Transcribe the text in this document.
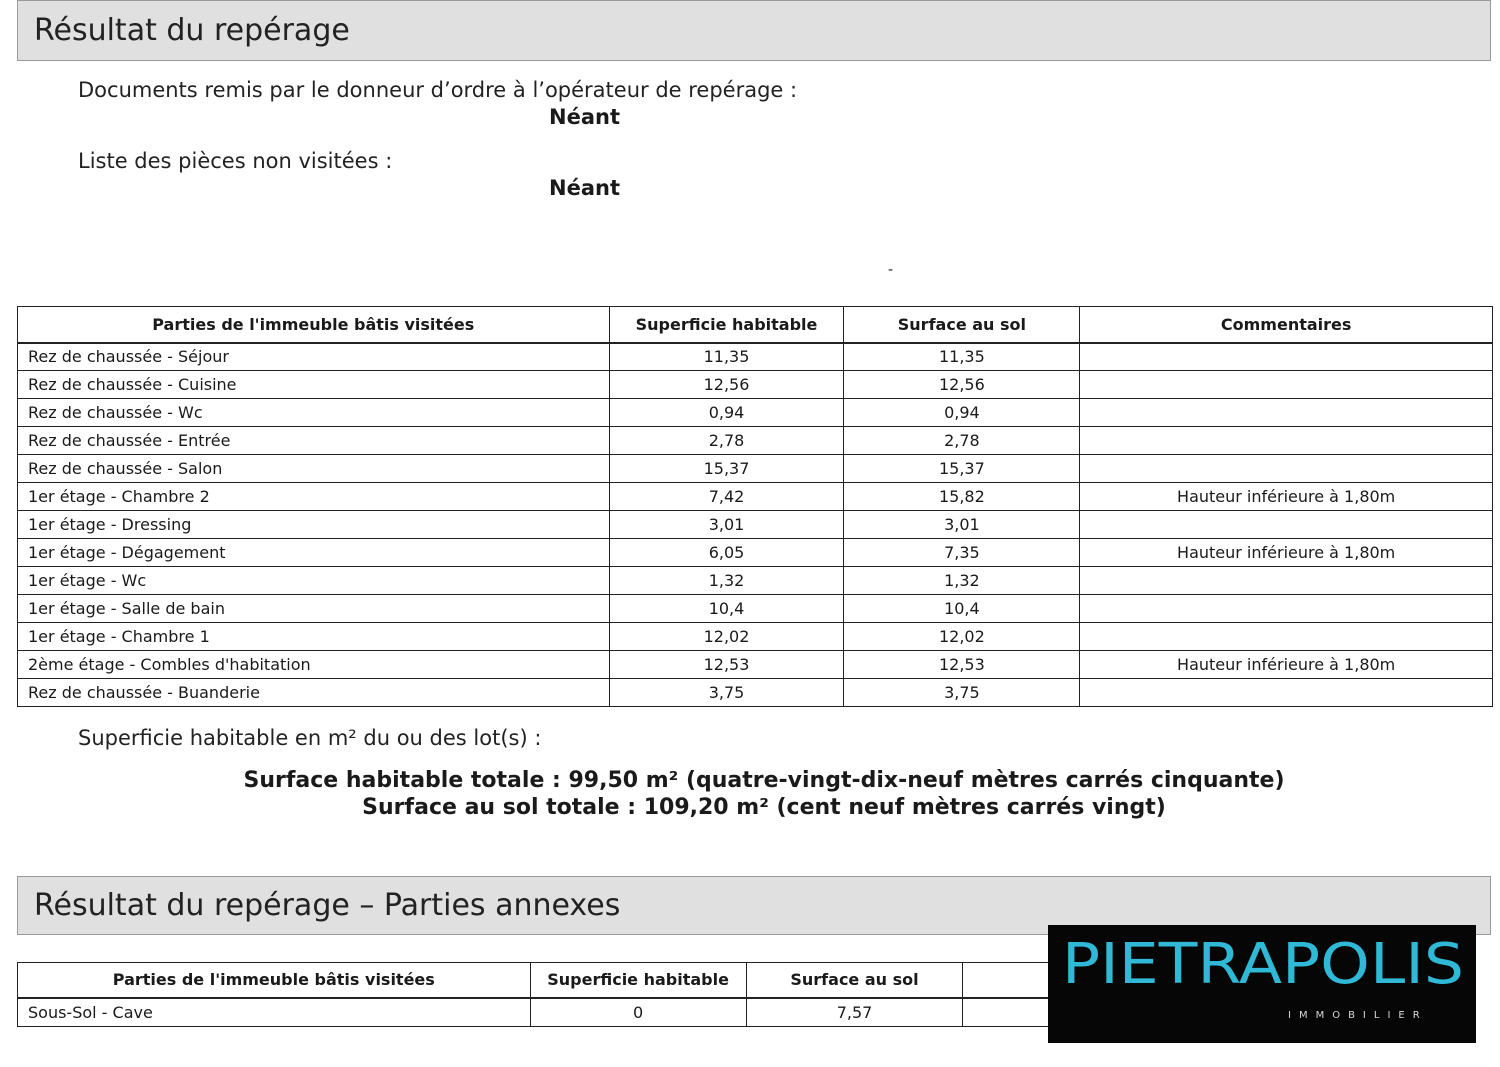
Résultat du repérage
Documents remis par le donneur d’ordre à l’opérateur de repérage :
Néant
Liste des pièces non visitées :
Néant
-
Parties de l'immeuble bâtis visitées	Superficie habitable	Surface au sol	Commentaires
Rez de chaussée - Séjour	11,35	11,35	
Rez de chaussée - Cuisine	12,56	12,56	
Rez de chaussée - Wc	0,94	0,94	
Rez de chaussée - Entrée	2,78	2,78	
Rez de chaussée - Salon	15,37	15,37	
1er étage - Chambre 2	7,42	15,82	Hauteur inférieure à 1,80m
1er étage - Dressing	3,01	3,01	
1er étage - Dégagement	6,05	7,35	Hauteur inférieure à 1,80m
1er étage - Wc	1,32	1,32	
1er étage - Salle de bain	10,4	10,4	
1er étage - Chambre 1	12,02	12,02	
2ème étage - Combles d'habitation	12,53	12,53	Hauteur inférieure à 1,80m
Rez de chaussée - Buanderie	3,75	3,75	
Superficie habitable en m² du ou des lot(s) :
Surface habitable totale : 99,50 m² (quatre-vingt-dix-neuf mètres carrés cinquante)
Surface au sol totale : 109,20 m² (cent neuf mètres carrés vingt)
Résultat du repérage – Parties annexes
Parties de l'immeuble bâtis visitées	Superficie habitable	Surface au sol	
Sous-Sol - Cave	0	7,57	
PIETRAPOLIS
IMMOBILIER
